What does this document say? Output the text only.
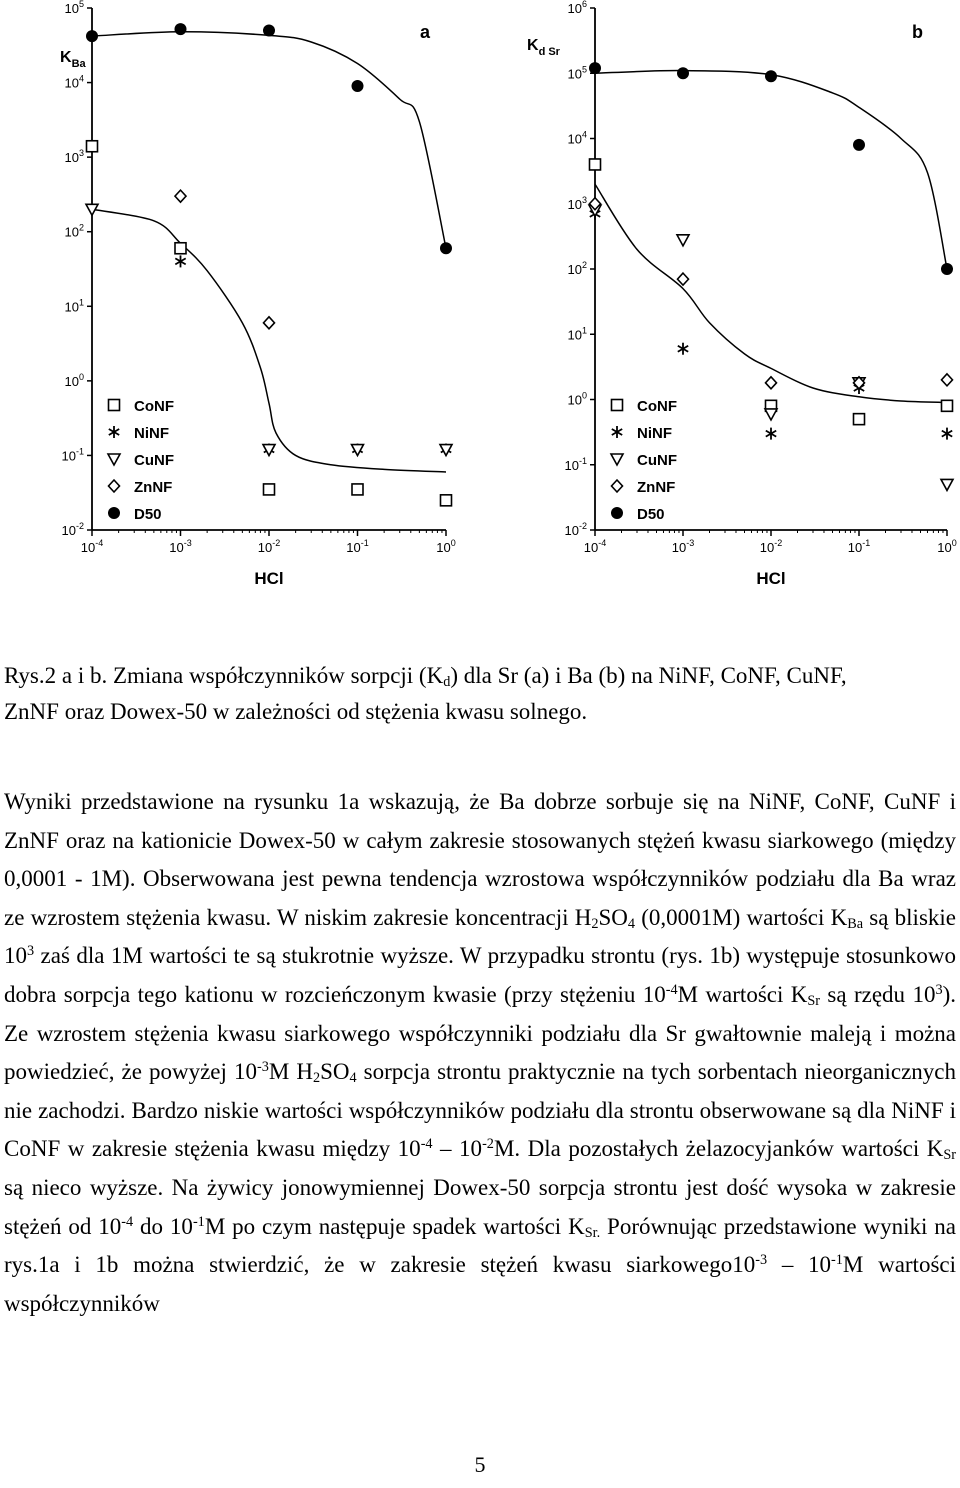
$10^{-2}$
$10^{-1}$
$10^0$
$10^1$
$10^2$
$10^3$
$10^4$
$10^5$
$10^{-4}$	$10^{-3}$	$10^{-2}$	$10^{-1}$	$10^0$
HCl
$K_{Ba}$
a
CoNF
NiNF
CuNF
ZnNF
D50
$10^{-2}$
$10^{-1}$
$10^0$
$10^1$
$10^2$
$10^3$
$10^4$
$10^5$
$10^6$
$10^{-4}$	$10^{-3}$	$10^{-2}$	$10^{-1}$	$10^0$
HCl
$K_{d Sr}$
b
CoNF
NiNF
CuNF
ZnNF
D50
Rys.2 a i b. Zmiana współczynników sorpcji $(K_d)$ dla Sr (a) i Ba (b) na NiNF, CoNF, CuNF,
ZnNF oraz Dowex-50 w zależności od stężenia kwasu solnego.

Wyniki przedstawione na rysunku 1a wskazują, że Ba dobrze sorbuje się na NiNF, CoNF, CuNF i ZnNF oraz na kationicie Dowex-50 w całym zakresie stosowanych stężeń kwasu siarkowego (między 0,0001 - 1M). Obserwowana jest pewna tendencja wzrostowa współczynników podziału dla Ba wraz ze wzrostem stężenia kwasu. W niskim zakresie koncentracji $H_2SO_4$ (0,0001M) wartości $K_{Ba}$ są bliskie $10^3$ zaś dla 1M wartości te są stukrotnie wyższe. W przypadku strontu (rys. 1b) występuje stosunkowo dobra sorpcja tego kationu w rozcieńczonym kwasie (przy stężeniu $10^{-4}M$ wartości $K_{Sr}$ są rzędu $10^3$). Ze wzrostem stężenia kwasu siarkowego współczynniki podziału dla Sr gwałtownie maleją i można powiedzieć, że powyżej $10^{-3}M$ $H_2SO_4$ sorpcja strontu praktycznie na tych sorbentach nieorganicznych nie zachodzi. Bardzo niskie wartości współczynników podziału dla strontu obserwowane są dla NiNF i CoNF w zakresie stężenia kwasu między $10^{-4} - 10^{-2}M$. Dla pozostałych żelazocyjanków wartości $K_{Sr}$ są nieco wyższe. Na żywicy jonowymiennej Dowex-50 sorpcja strontu jest dość wysoka w zakresie stężeń od $10^{-4}$ do $10^{-1}M$ po czym następuje spadek wartości $K_{Sr.}$ Porównując przedstawione wyniki na rys.1a i 1b można stwierdzić, że w zakresie stężeń kwasu $siarkowego10^{-3} - 10^{-1}M$ wartości współczynników

5
